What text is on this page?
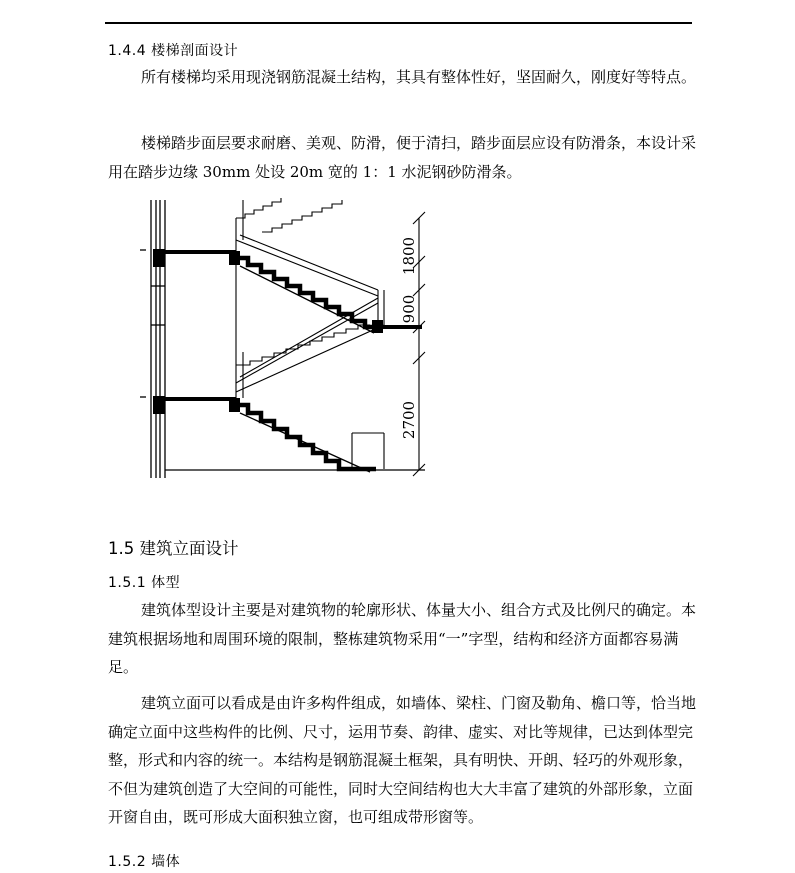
1.4.4 楼梯剖面设计

所有楼梯均采用现浇钢筋混凝土结构，其具有整体性好，坚固耐久，刚度好等特点。

楼梯踏步面层要求耐磨、美观、防滑，便于清扫，踏步面层应设有防滑条，本设计采用在踏步边缘 30mm 处设 20m 宽的 1：1 水泥钢砂防滑条。

1800
900
2700
1.5 建筑立面设计
1.5.1 体型

建筑体型设计主要是对建筑物的轮廓形状、体量大小、组合方式及比例尺的确定。本建筑根据场地和周围环境的限制，整栋建筑物采用“一”字型，结构和经济方面都容易满足。

建筑立面可以看成是由许多构件组成，如墙体、梁柱、门窗及勒角、檐口等，恰当地确定立面中这些构件的比例、尺寸，运用节奏、韵律、虚实、对比等规律，已达到体型完整，形式和内容的统一。本结构是钢筋混凝土框架，具有明快、开朗、轻巧的外观形象，不但为建筑创造了大空间的可能性，同时大空间结构也大大丰富了建筑的外部形象，立面开窗自由，既可形成大面积独立窗，也可组成带形窗等。

1.5.2 墙体
